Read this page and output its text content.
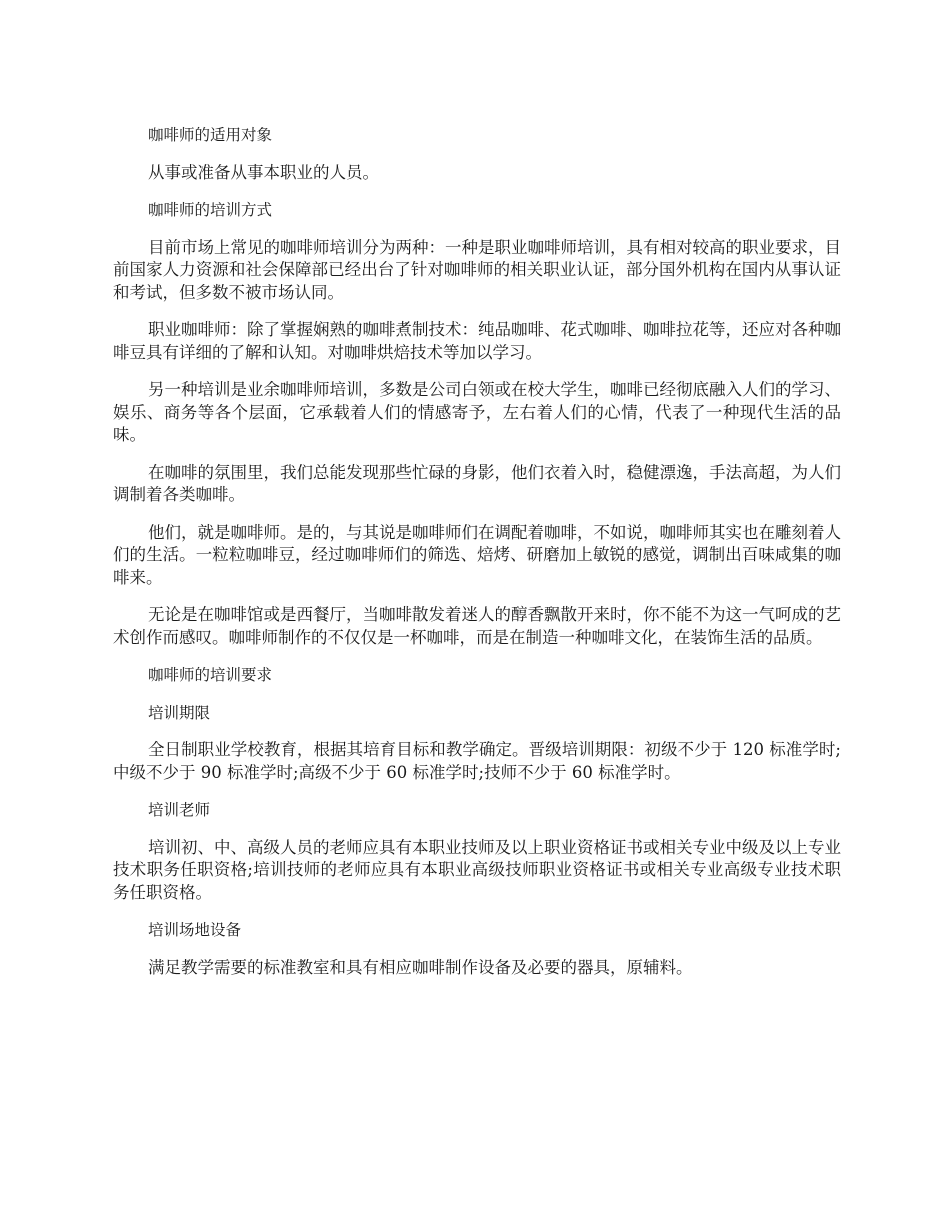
咖啡师的适用对象

从事或准备从事本职业的人员。

咖啡师的培训方式

目前市场上常见的咖啡师培训分为两种：一种是职业咖啡师培训，具有相对较高的职业要求，目前国家人力资源和社会保障部已经出台了针对咖啡师的相关职业认证，部分国外机构在国内从事认证和考试，但多数不被市场认同。

职业咖啡师：除了掌握娴熟的咖啡煮制技术：纯品咖啡、花式咖啡、咖啡拉花等，还应对各种咖啡豆具有详细的了解和认知。对咖啡烘焙技术等加以学习。

另一种培训是业余咖啡师培训，多数是公司白领或在校大学生，咖啡已经彻底融入人们的学习、娱乐、商务等各个层面，它承载着人们的情感寄予，左右着人们的心情，代表了一种现代生活的品味。

在咖啡的氛围里，我们总能发现那些忙碌的身影，他们衣着入时，稳健漂逸，手法高超，为人们调制着各类咖啡。

他们，就是咖啡师。是的，与其说是咖啡师们在调配着咖啡，不如说，咖啡师其实也在雕刻着人们的生活。一粒粒咖啡豆，经过咖啡师们的筛选、焙烤、研磨加上敏锐的感觉，调制出百味咸集的咖啡来。

无论是在咖啡馆或是西餐厅，当咖啡散发着迷人的醇香飘散开来时，你不能不为这一气呵成的艺术创作而感叹。咖啡师制作的不仅仅是一杯咖啡，而是在制造一种咖啡文化，在装饰生活的品质。

咖啡师的培训要求

培训期限

全日制职业学校教育，根据其培育目标和教学确定。晋级培训期限：初级不少于 120 标准学时;中级不少于 90 标准学时;高级不少于 60 标准学时;技师不少于 60 标准学时。

培训老师

培训初、中、高级人员的老师应具有本职业技师及以上职业资格证书或相关专业中级及以上专业技术职务任职资格;培训技师的老师应具有本职业高级技师职业资格证书或相关专业高级专业技术职务任职资格。

培训场地设备

满足教学需要的标准教室和具有相应咖啡制作设备及必要的器具，原辅料。
